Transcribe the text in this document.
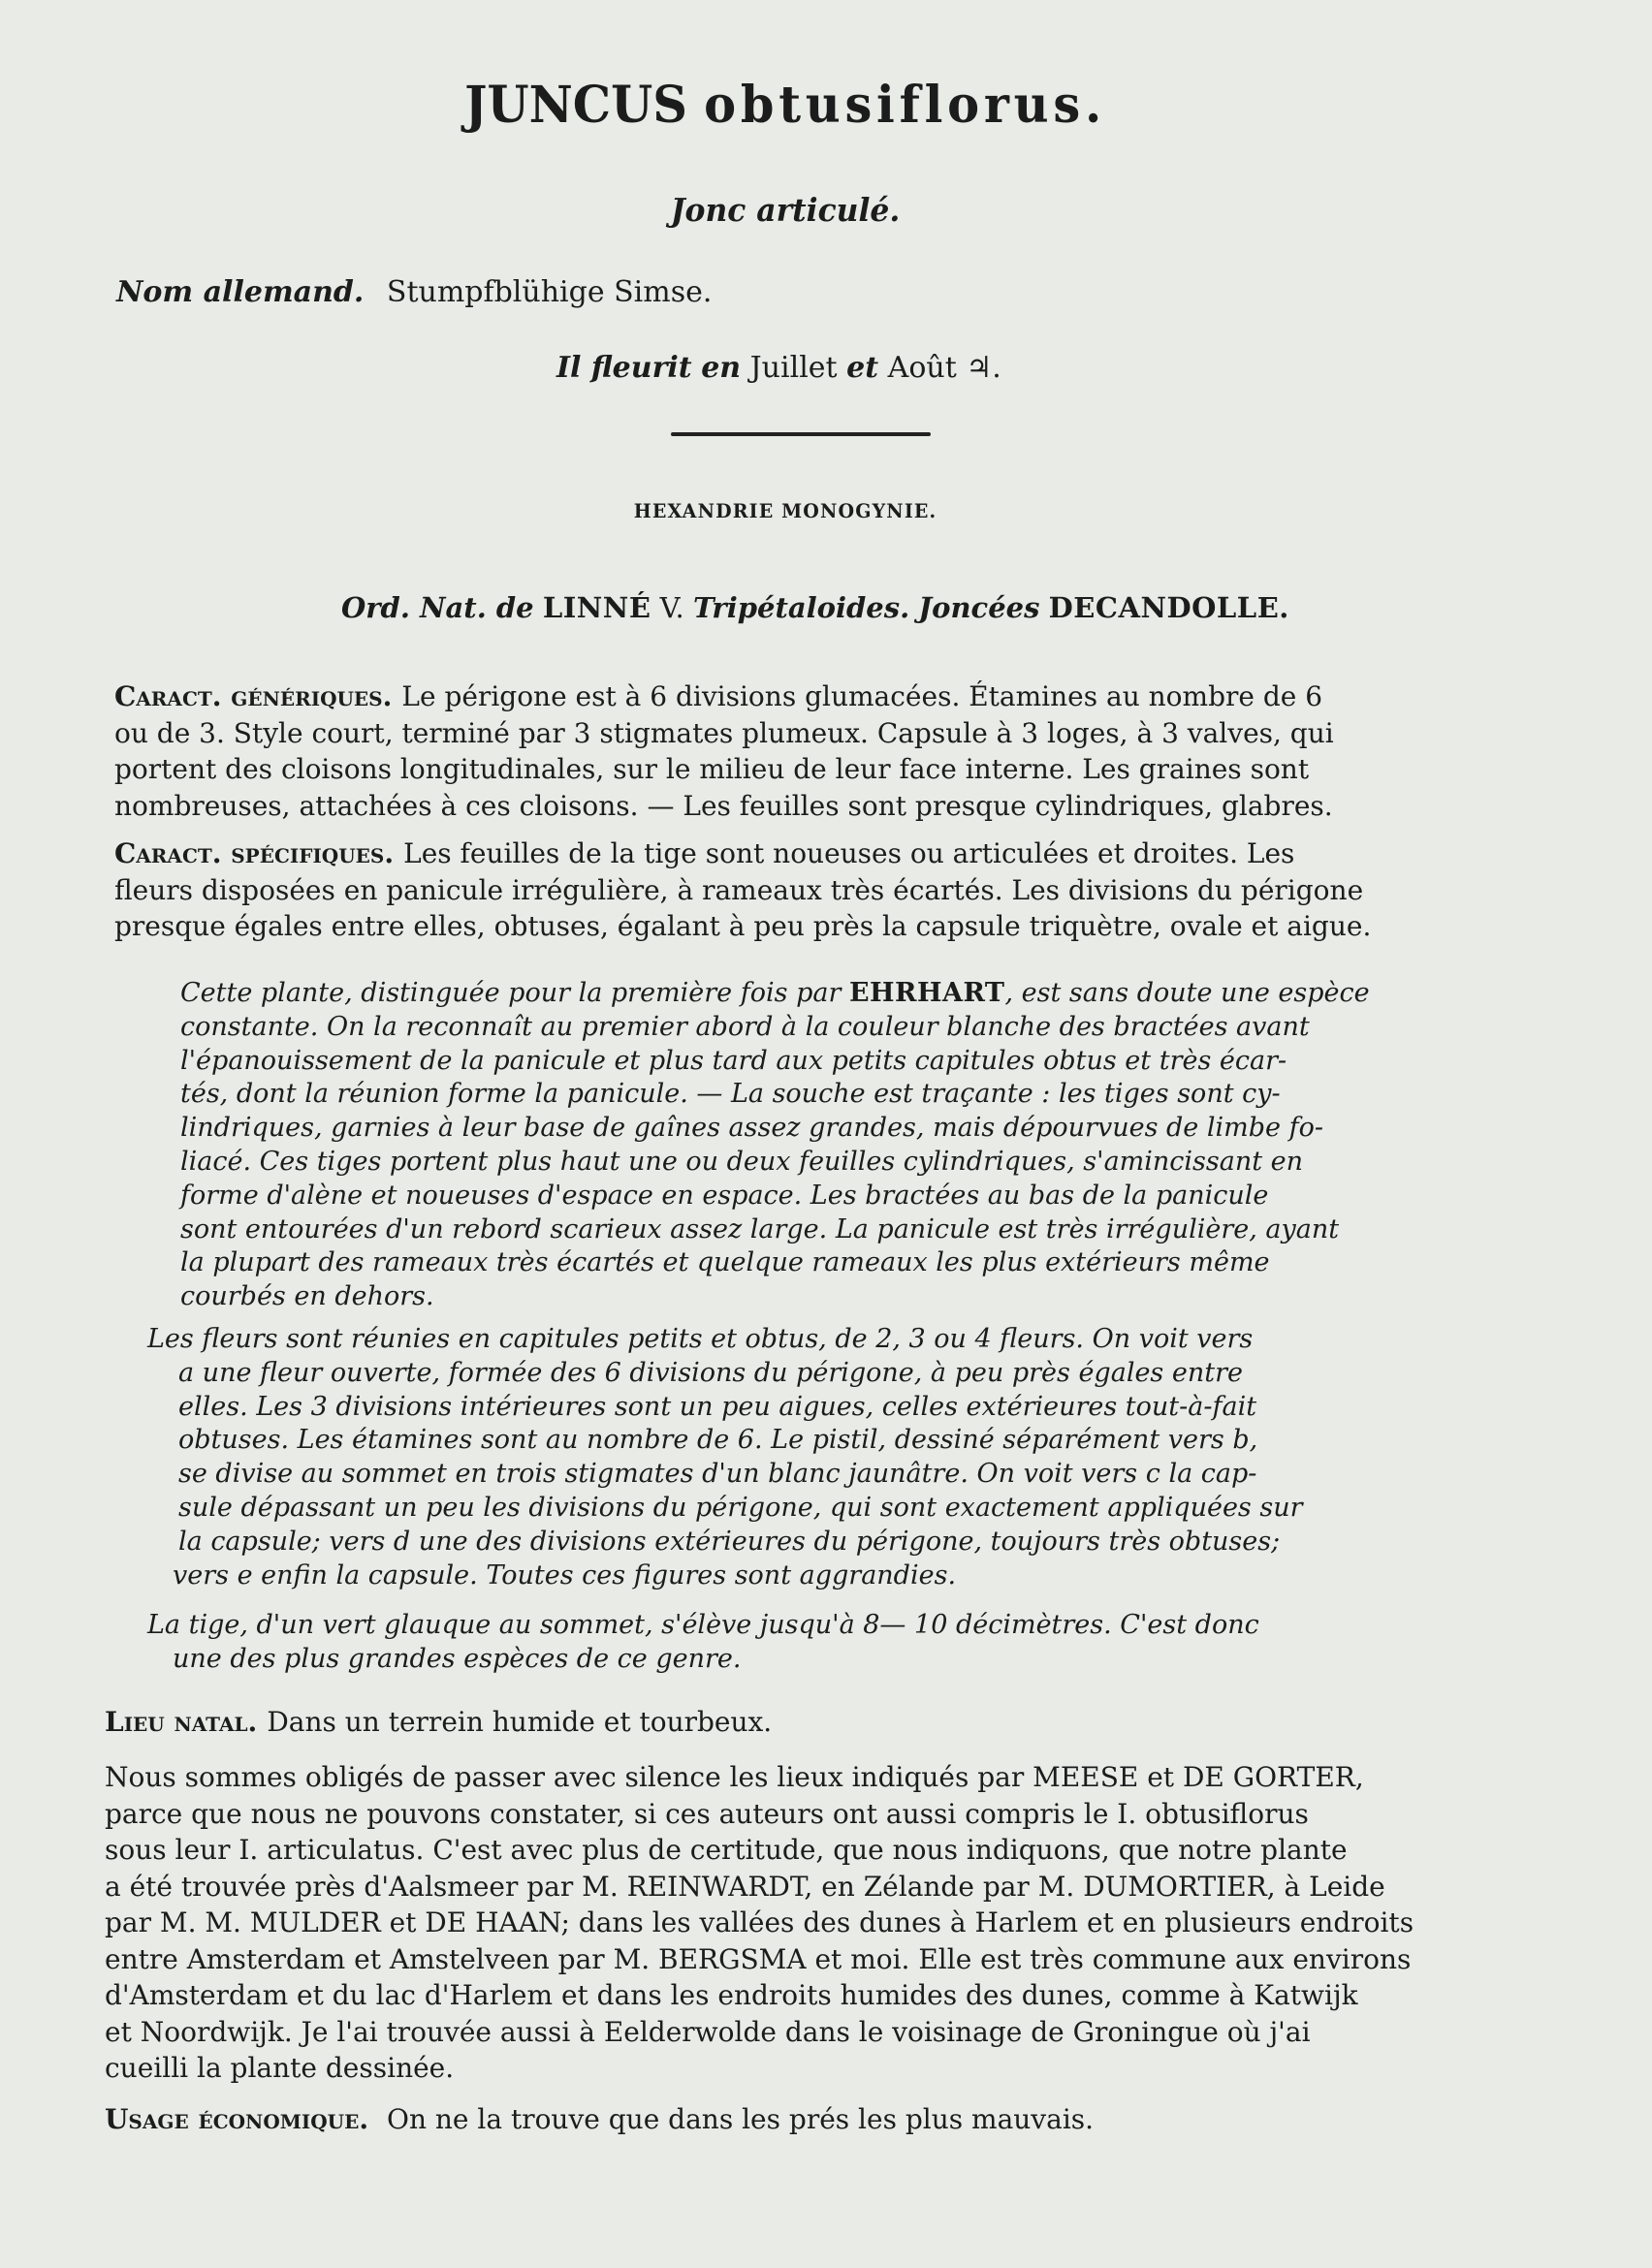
JUNCUS obtusiflorus.
Jonc articulé.
Nom allemand. Stumpfblühige Simse.
Il fleurit en Juillet et Août ♃.
HEXANDRIE MONOGYNIE.
Ord. Nat. de LINNÉ V. Tripétaloides. Joncées DECANDOLLE.
Caract. génériques. Le périgone est à 6 divisions glumacées. Étamines au nombre de 6
ou de 3. Style court, terminé par 3 stigmates plumeux. Capsule à 3 loges, à 3 valves, qui
portent des cloisons longitudinales, sur le milieu de leur face interne. Les graines sont
nombreuses, attachées à ces cloisons. — Les feuilles sont presque cylindriques, glabres.
Caract. spécifiques. Les feuilles de la tige sont noueuses ou articulées et droites. Les
fleurs disposées en panicule irrégulière, à rameaux très écartés. Les divisions du périgone
presque égales entre elles, obtuses, égalant à peu près la capsule triquètre, ovale et aigue.
Cette plante, distinguée pour la première fois par EHRHART, est sans doute une espèce
constante. On la reconnaît au premier abord à la couleur blanche des bractées avant
l'épanouissement de la panicule et plus tard aux petits capitules obtus et très écar-
tés, dont la réunion forme la panicule. — La souche est traçante : les tiges sont cy-
lindriques, garnies à leur base de gaînes assez grandes, mais dépourvues de limbe fo-
liacé. Ces tiges portent plus haut une ou deux feuilles cylindriques, s'amincissant en
forme d'alène et noueuses d'espace en espace. Les bractées au bas de la panicule
sont entourées d'un rebord scarieux assez large. La panicule est très irrégulière, ayant
la plupart des rameaux très écartés et quelque rameaux les plus extérieurs même
courbés en dehors.
Les fleurs sont réunies en capitules petits et obtus, de 2, 3 ou 4 fleurs. On voit vers
a une fleur ouverte, formée des 6 divisions du périgone, à peu près égales entre
elles. Les 3 divisions intérieures sont un peu aigues, celles extérieures tout-à-fait
obtuses. Les étamines sont au nombre de 6. Le pistil, dessiné séparément vers b,
se divise au sommet en trois stigmates d'un blanc jaunâtre. On voit vers c la cap-
sule dépassant un peu les divisions du périgone, qui sont exactement appliquées sur
la capsule; vers d une des divisions extérieures du périgone, toujours très obtuses;
vers e enfin la capsule. Toutes ces figures sont aggrandies.
La tige, d'un vert glauque au sommet, s'élève jusqu'à 8— 10 décimètres. C'est donc
une des plus grandes espèces de ce genre.
Lieu natal. Dans un terrein humide et tourbeux.
Nous sommes obligés de passer avec silence les lieux indiqués par MEESE et DE GORTER,
parce que nous ne pouvons constater, si ces auteurs ont aussi compris le I. obtusiflorus
sous leur I. articulatus. C'est avec plus de certitude, que nous indiquons, que notre plante
a été trouvée près d'Aalsmeer par M. REINWARDT, en Zélande par M. DUMORTIER, à Leide
par M. M. MULDER et DE HAAN; dans les vallées des dunes à Harlem et en plusieurs endroits
entre Amsterdam et Amstelveen par M. BERGSMA et moi. Elle est très commune aux environs
d'Amsterdam et du lac d'Harlem et dans les endroits humides des dunes, comme à Katwijk
et Noordwijk. Je l'ai trouvée aussi à Eelderwolde dans le voisinage de Groningue où j'ai
cueilli la plante dessinée.
Usage économique. On ne la trouve que dans les prés les plus mauvais.
